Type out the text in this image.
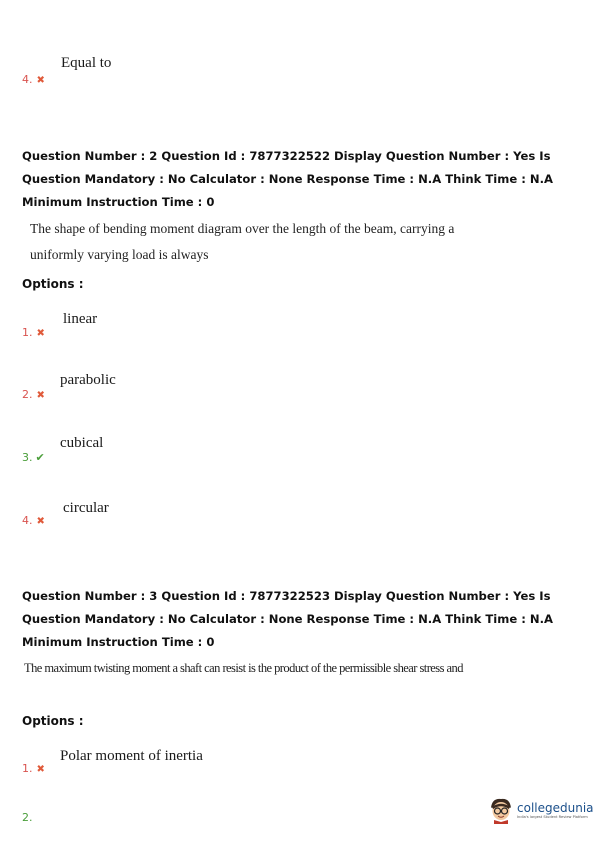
4. ✖
Equal to
Question Number : 2 Question Id : 7877322522 Display Question Number : Yes Is Question Mandatory : No Calculator : None Response Time : N.A Think Time : N.A Minimum Instruction Time : 0
The shape of bending moment diagram over the length of the beam, carrying a uniformly varying load is always
Options :
1. ✖
linear
2. ✖
parabolic
3. ✔
cubical
4. ✖
circular
Question Number : 3 Question Id : 7877322523 Display Question Number : Yes Is Question Mandatory : No Calculator : None Response Time : N.A Think Time : N.A Minimum Instruction Time : 0
The maximum twisting moment a shaft can resist is the product of the permissible shear stress and
Options :
1. ✖
Polar moment of inertia
2.
collegedunia
India's largest Student Review Platform
